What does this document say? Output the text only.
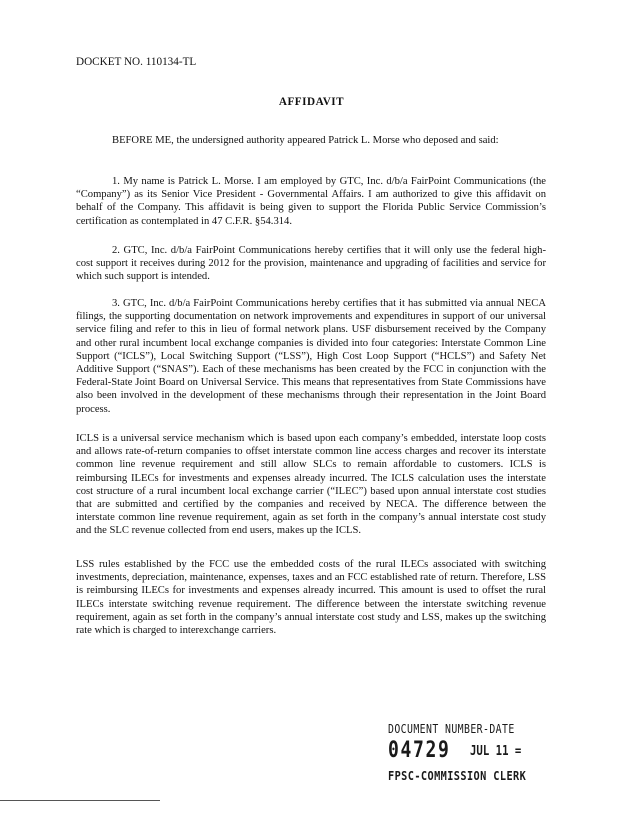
DOCKET NO. 110134-TL
AFFIDAVIT

BEFORE ME, the undersigned authority appeared Patrick L. Morse who deposed and said:

1. My name is Patrick L. Morse. I am employed by GTC, Inc. d/b/a FairPoint Communications (the “Company”) as its Senior Vice President - Governmental Affairs. I am authorized to give this affidavit on behalf of the Company. This affidavit is being given to support the Florida Public Service Commission’s certification as contemplated in 47 C.F.R. §54.314.

2. GTC, Inc. d/b/a FairPoint Communications hereby certifies that it will only use the federal high-cost support it receives during 2012 for the provision, maintenance and upgrading of facilities and service for which such support is intended.

3. GTC, Inc. d/b/a FairPoint Communications hereby certifies that it has submitted via annual NECA filings, the supporting documentation on network improvements and expenditures in support of our universal service filing and refer to this in lieu of formal network plans. USF disbursement received by the Company and other rural incumbent local exchange companies is divided into four categories: Interstate Common Line Support (“ICLS”), Local Switching Support (“LSS”), High Cost Loop Support (“HCLS”) and Safety Net Additive Support (“SNAS”). Each of these mechanisms has been created by the FCC in conjunction with the Federal-State Joint Board on Universal Service. This means that representatives from State Commissions have also been involved in the development of these mechanisms through their representation in the Joint Board process.

ICLS is a universal service mechanism which is based upon each company’s embedded, interstate loop costs and allows rate-of-return companies to offset interstate common line access charges and recover its interstate common line revenue requirement and still allow SLCs to remain affordable to customers. ICLS is reimbursing ILECs for investments and expenses already incurred. The ICLS calculation uses the interstate cost structure of a rural incumbent local exchange carrier (“ILEC”) based upon annual interstate cost studies that are submitted and certified by the companies and received by NECA. The difference between the interstate common line revenue requirement, again as set forth in the company’s annual interstate cost study and the SLC revenue collected from end users, makes up the ICLS.

LSS rules established by the FCC use the embedded costs of the rural ILECs associated with switching investments, depreciation, maintenance, expenses, taxes and an FCC established rate of return. Therefore, LSS is reimbursing ILECs for investments and expenses already incurred. This amount is used to offset the rural ILECs interstate switching revenue requirement. The difference between the interstate switching revenue requirement, again as set forth in the company’s annual interstate cost study and LSS, makes up the switching rate which is charged to interexchange carriers.

DOCUMENT NUMBER-DATE
04729 JUL 11 =
FPSC-COMMISSION CLERK
